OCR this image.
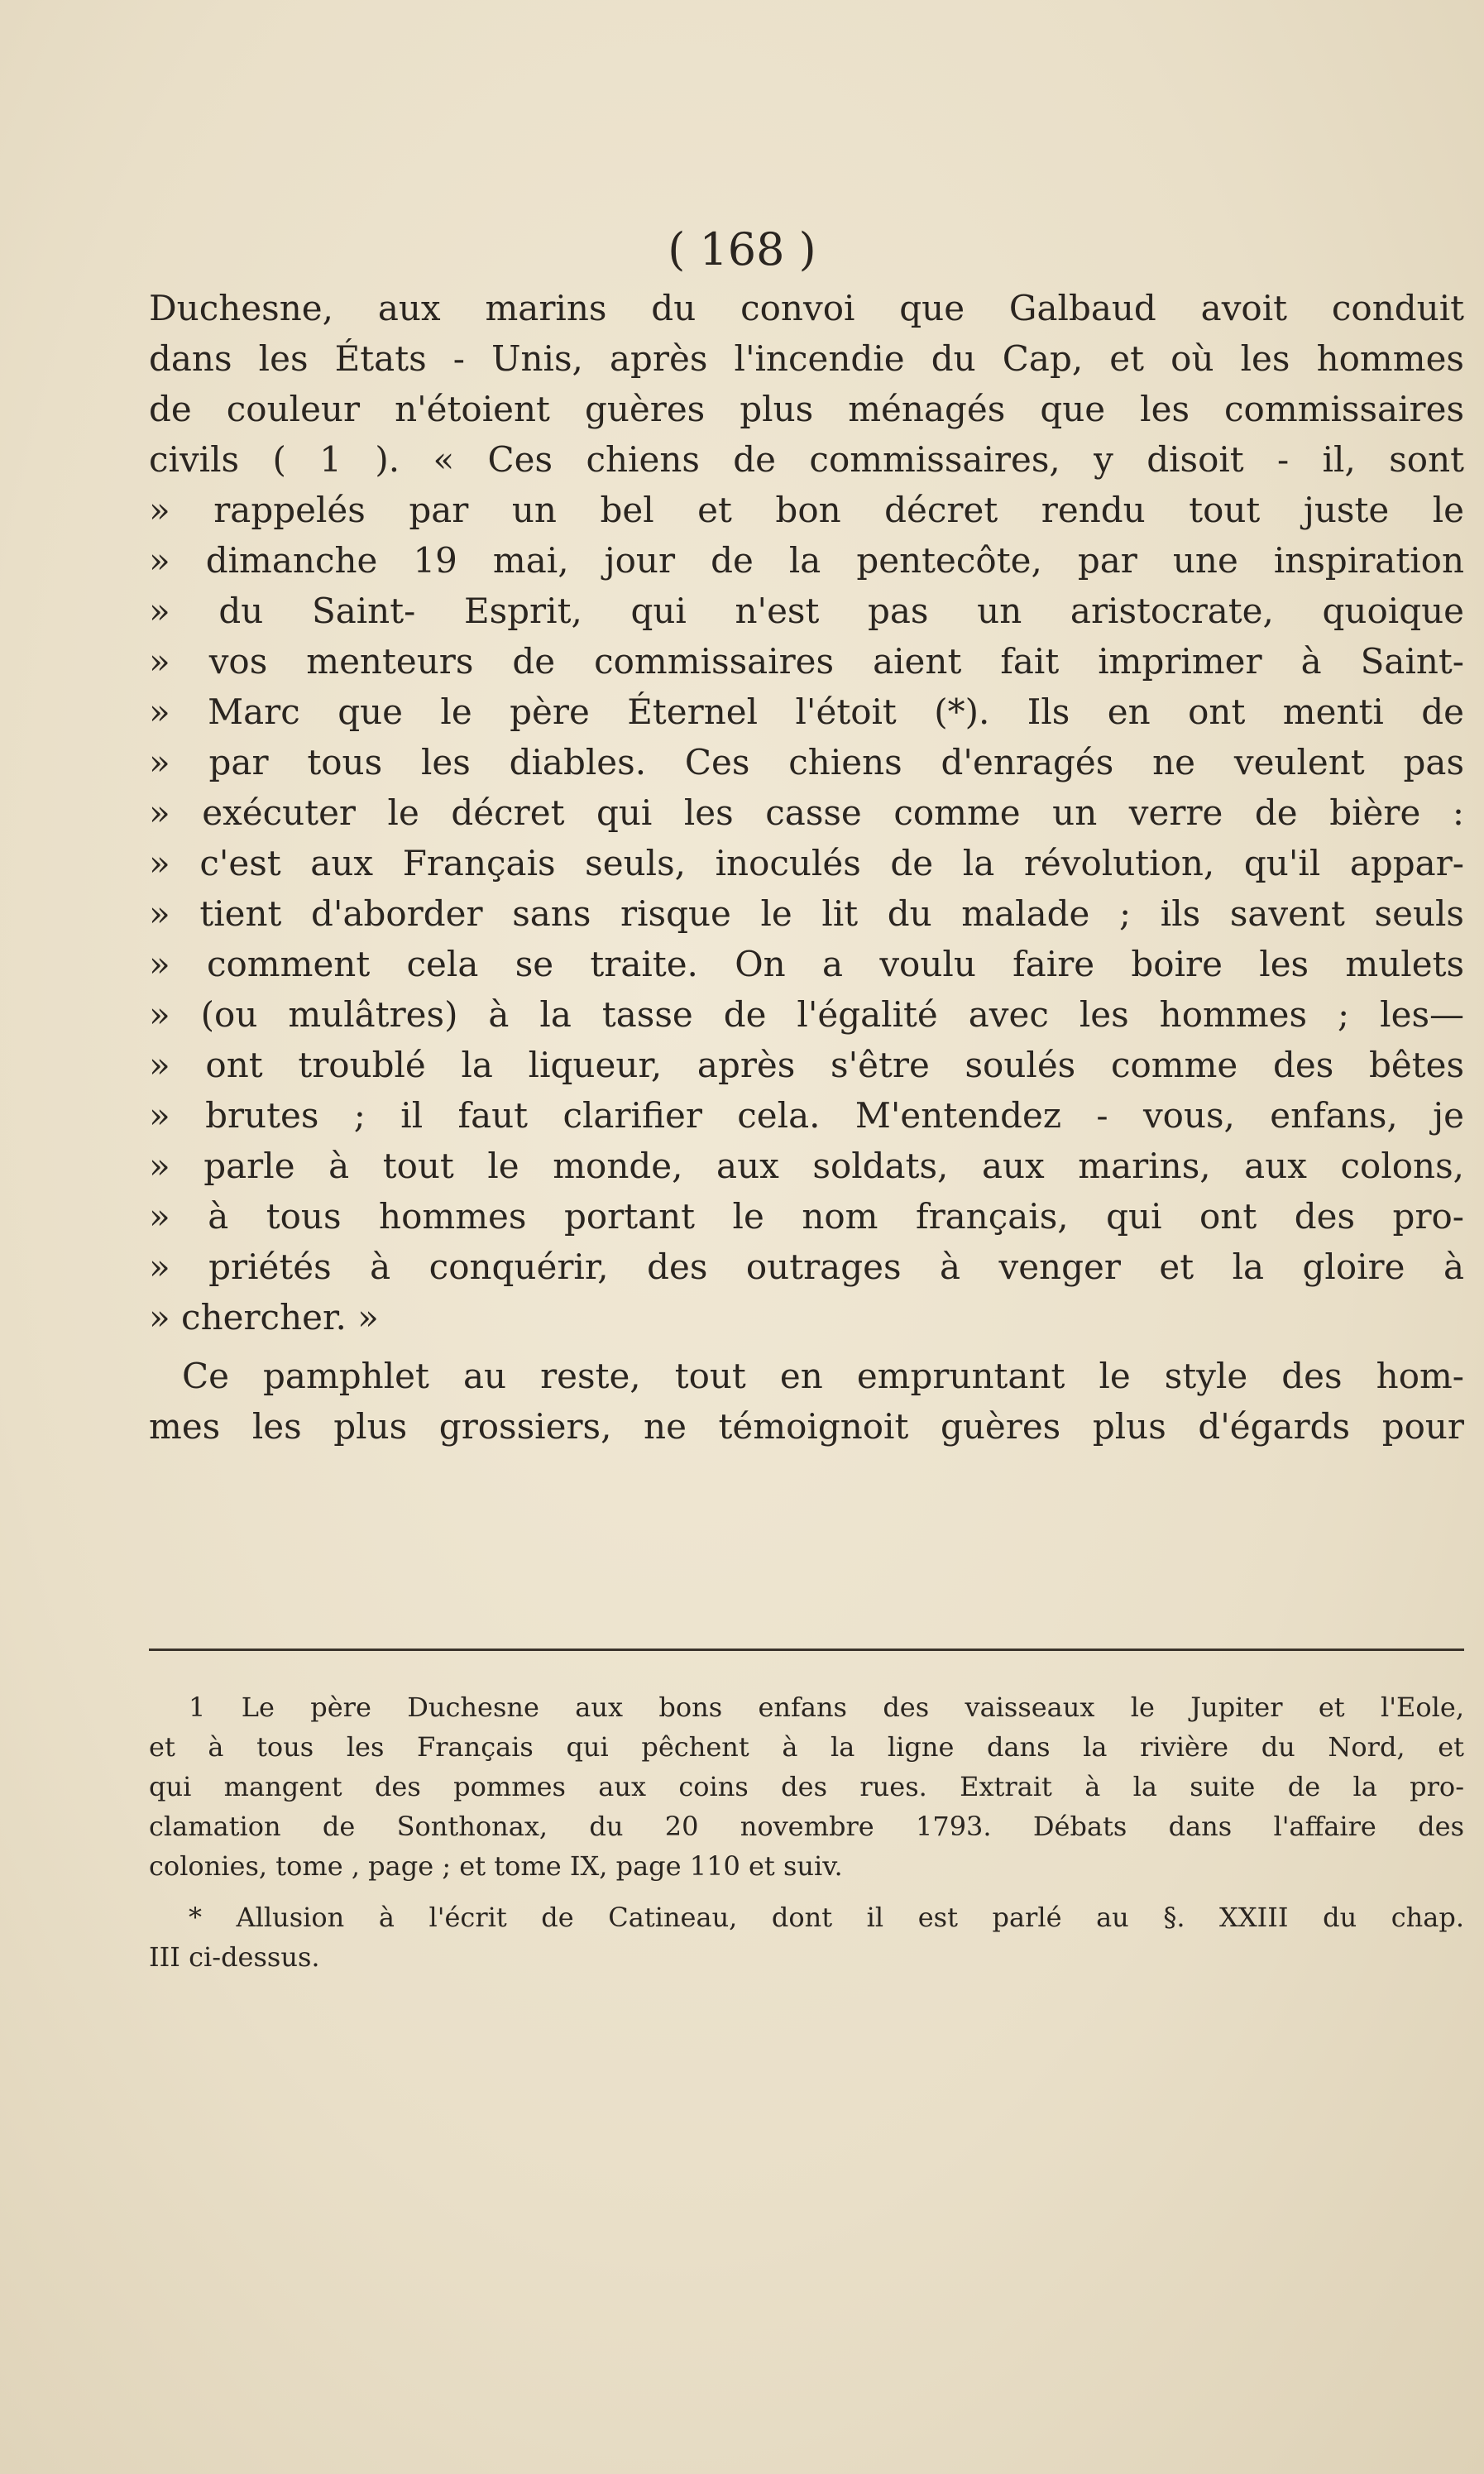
( 168 )
Duchesne, aux marins du convoi que Galbaud avoit conduit
dans les États - Unis, après l'incendie du Cap, et où les hommes
de couleur n'étoient guères plus ménagés que les commissaires
civils ( 1 ). « Ces chiens de commissaires, y disoit - il, sont
» rappelés par un bel et bon décret rendu tout juste le
» dimanche 19 mai, jour de la pentecôte, par une inspiration
» du Saint- Esprit, qui n'est pas un aristocrate, quoique
» vos menteurs de commissaires aient fait imprimer à Saint-
» Marc que le père Éternel l'étoit (*). Ils en ont menti de
» par tous les diables. Ces chiens d'enragés ne veulent pas
» exécuter le décret qui les casse comme un verre de bière :
» c'est aux Français seuls, inoculés de la révolution, qu'il appar-
» tient d'aborder sans risque le lit du malade ; ils savent seuls
» comment cela se traite. On a voulu faire boire les mulets
» (ou mulâtres) à la tasse de l'égalité avec les hommes ; les—
» ont troublé la liqueur, après s'être soulés comme des bêtes
» brutes ; il faut clarifier cela. M'entendez - vous, enfans, je
» parle à tout le monde, aux soldats, aux marins, aux colons,
» à tous hommes portant le nom français, qui ont des pro-
» priétés à conquérir, des outrages à venger et la gloire à
» chercher. »
Ce pamphlet au reste, tout en empruntant le style des hom-
mes les plus grossiers, ne témoignoit guères plus d'égards pour
1 Le père Duchesne aux bons enfans des vaisseaux le Jupiter et l'Eole,
et à tous les Français qui pêchent à la ligne dans la rivière du Nord, et
qui mangent des pommes aux coins des rues. Extrait à la suite de la pro-
clamation de Sonthonax, du 20 novembre 1793. Débats dans l'affaire des
colonies, tome , page ; et tome IX, page 110 et suiv.
* Allusion à l'écrit de Catineau, dont il est parlé au §. XXIII du chap.
III ci-dessus.
